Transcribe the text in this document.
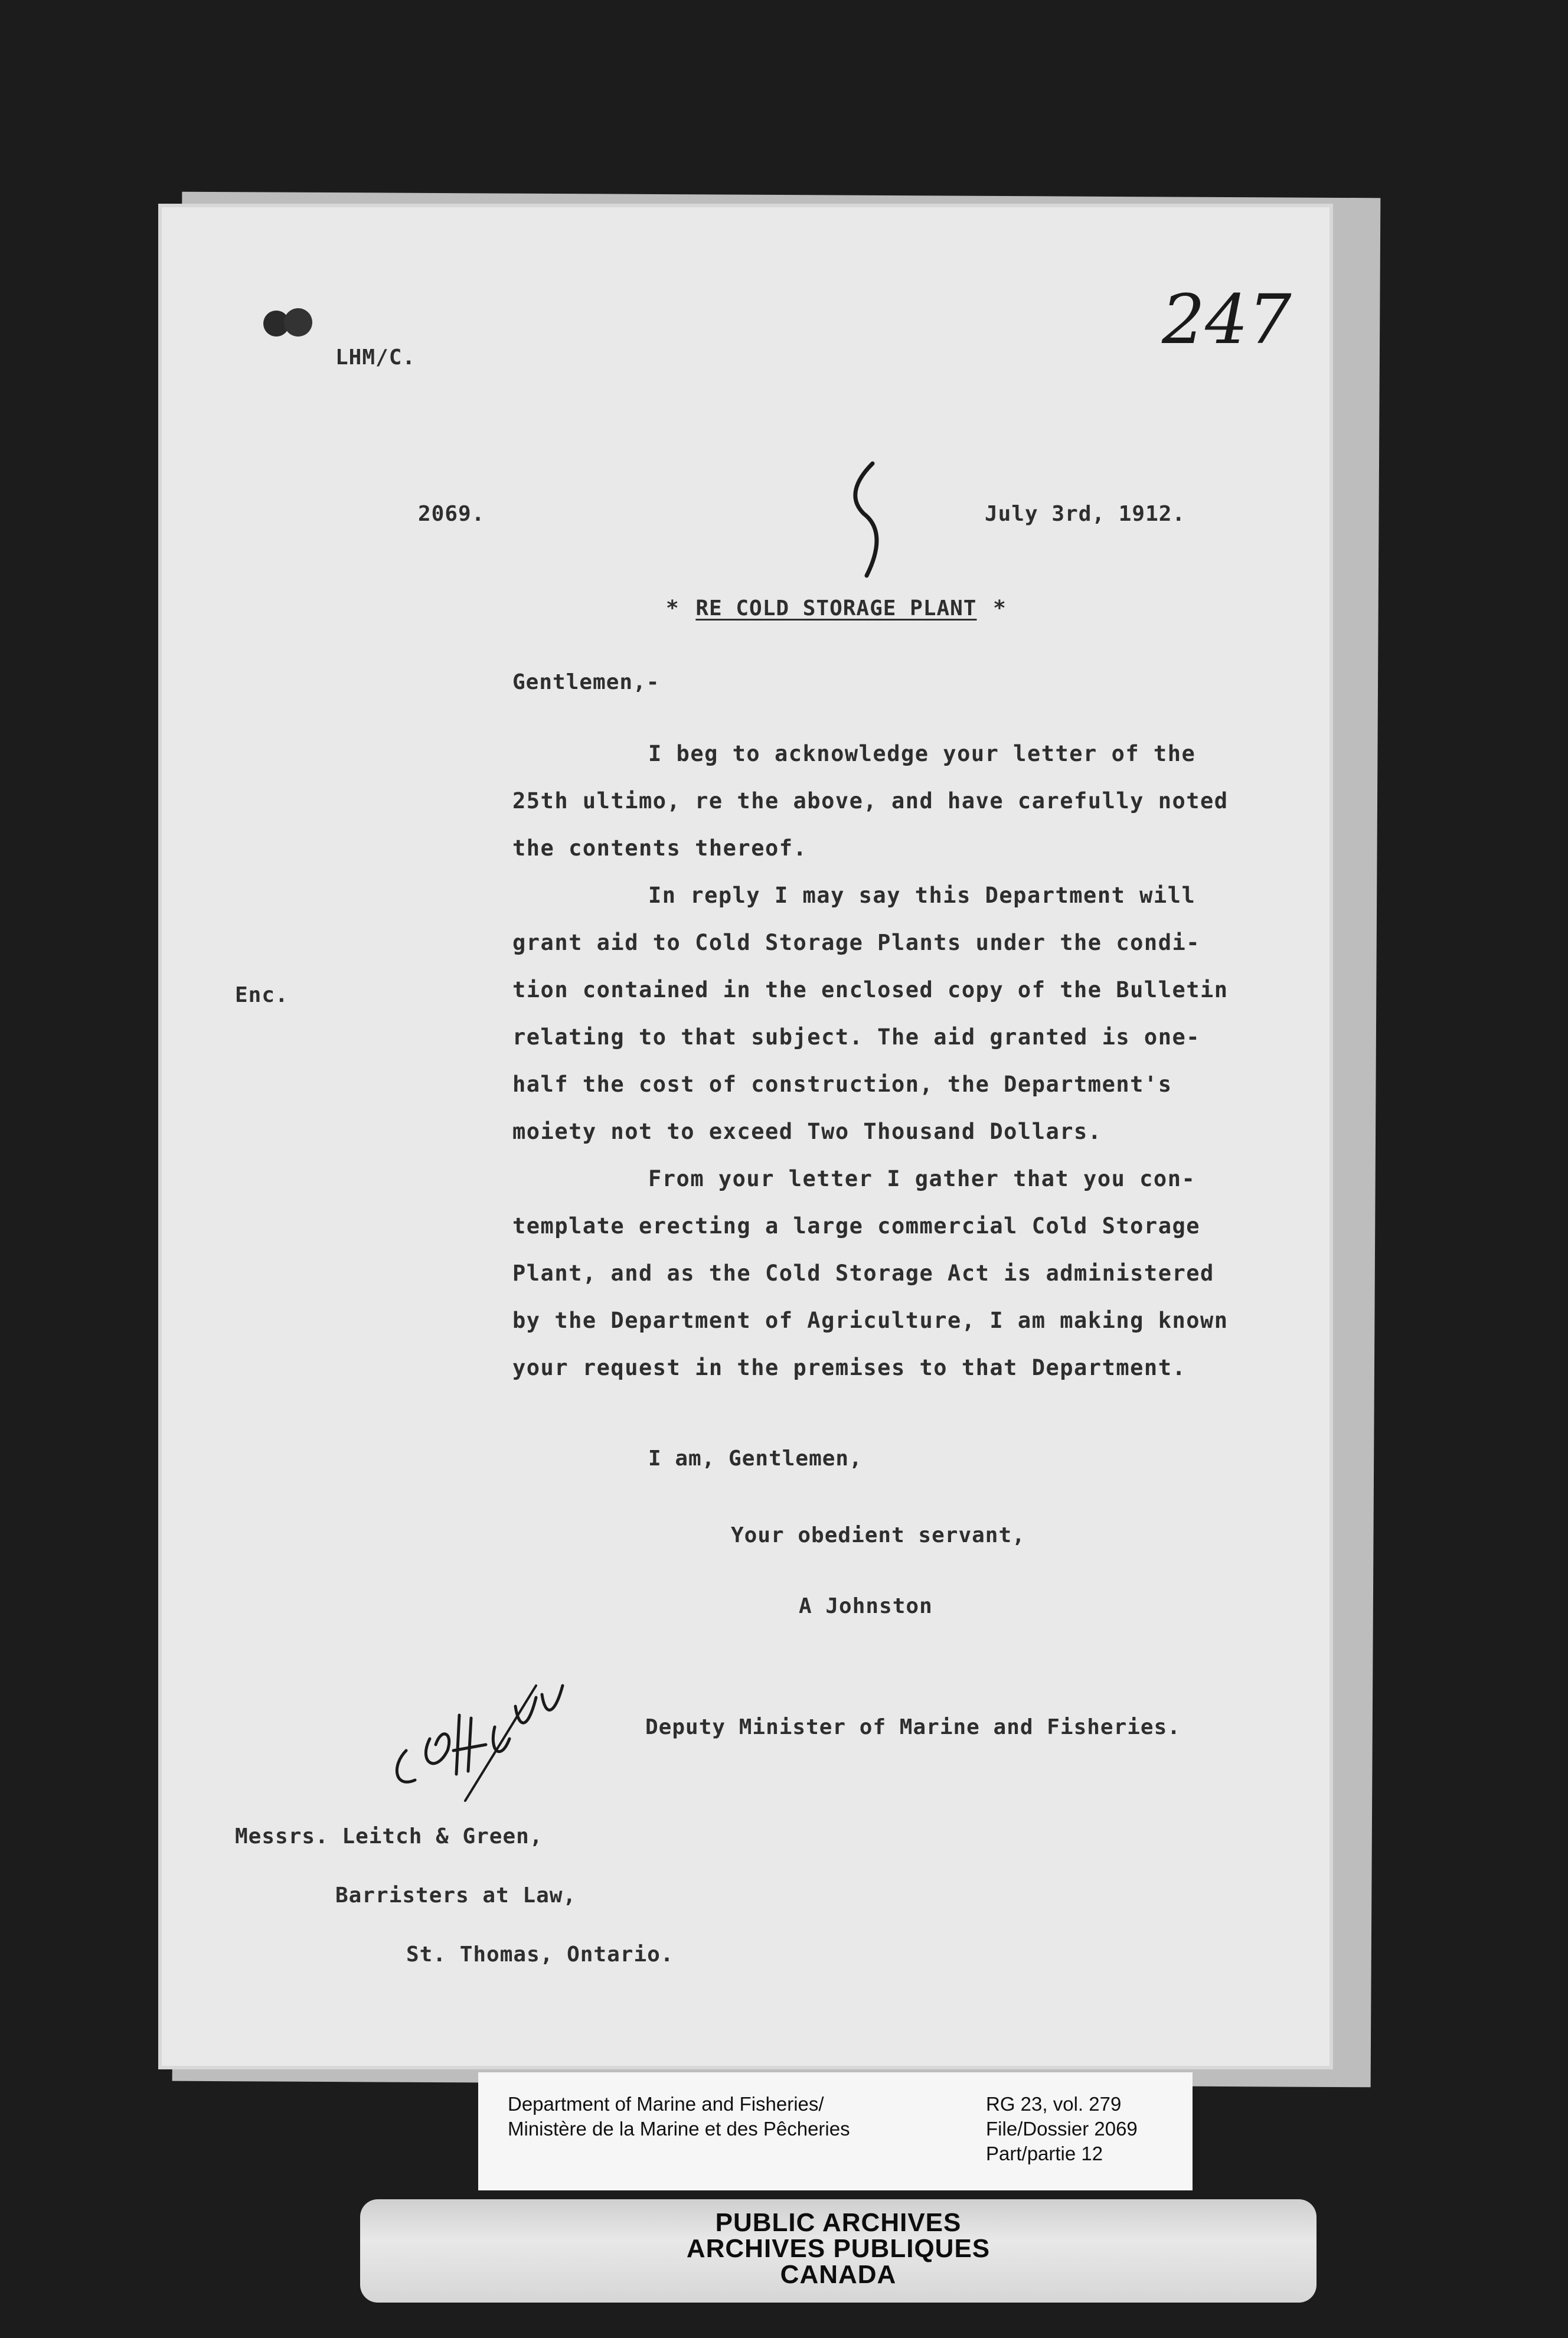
247
LHM/C.
2069.	July 3rd, 1912.
* RE COLD STORAGE PLANT *
Gentlemen,-
Enc.
I beg to acknowledge your letter of the
25th ultimo, re the above, and have carefully noted
the contents thereof.
In reply I may say this Department will
grant aid to Cold Storage Plants under the condi-
tion contained in the enclosed copy of the Bulletin
relating to that subject. The aid granted is one-
half the cost of construction, the Department's
moiety not to exceed Two Thousand Dollars.
From your letter I gather that you con-
template erecting a large commercial Cold Storage
Plant, and as the Cold Storage Act is administered
by the Department of Agriculture, I am making known
your request in the premises to that Department.
I am, Gentlemen,
Your obedient servant,
A Johnston
Deputy Minister of Marine and Fisheries.
Messrs. Leitch & Green,
Barristers at Law,
St. Thomas, Ontario.
Department of Marine and Fisheries/
Ministère de la Marine et des Pêcheries
RG 23, vol. 279
File/Dossier 2069
Part/partie 12
PUBLIC ARCHIVES
ARCHIVES PUBLIQUES
CANADA
